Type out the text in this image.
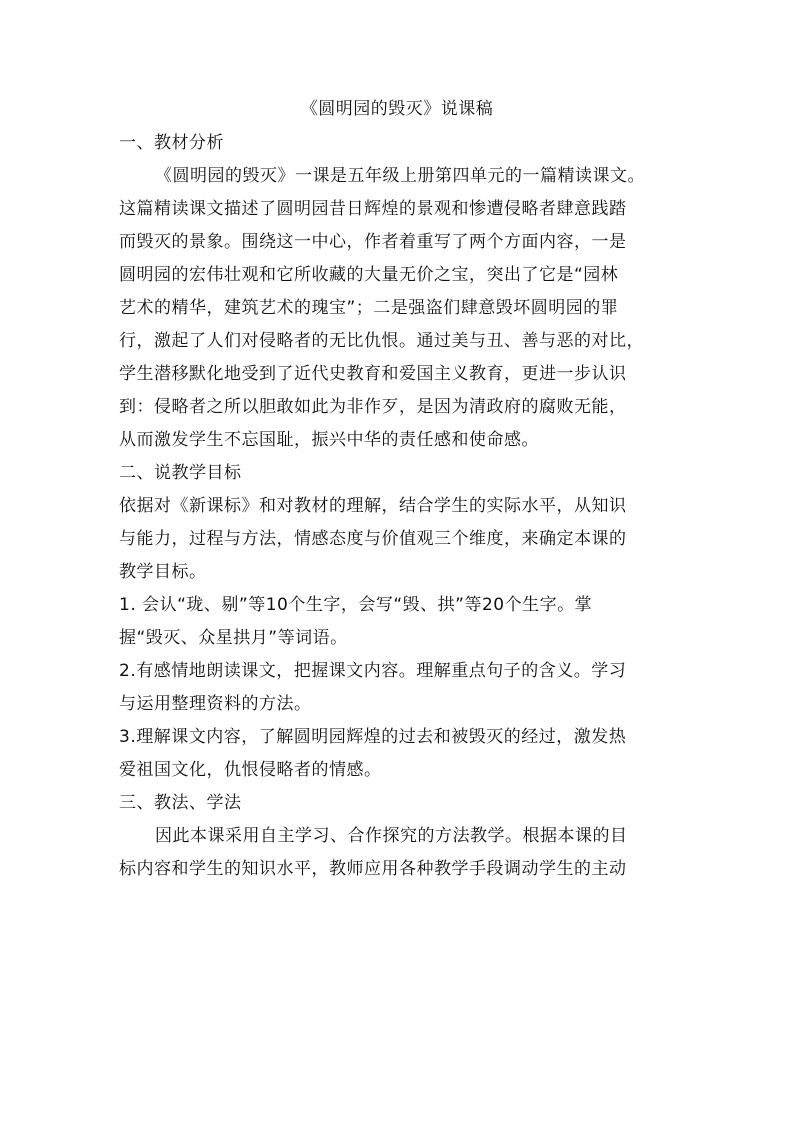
《圆明园的毁灭》说课稿
一、教材分析
《圆明园的毁灭》一课是五年级上册第四单元的一篇精读课文。
这篇精读课文描述了圆明园昔日辉煌的景观和惨遭侵略者肆意践踏
而毁灭的景象。围绕这一中心，作者着重写了两个方面内容，一是
圆明园的宏伟壮观和它所收藏的大量无价之宝，突出了它是“园林
艺术的精华，建筑艺术的瑰宝”；二是强盗们肆意毁坏圆明园的罪
行，激起了人们对侵略者的无比仇恨。通过美与丑、善与恶的对比，
学生潜移默化地受到了近代史教育和爱国主义教育，更进一步认识
到：侵略者之所以胆敢如此为非作歹，是因为清政府的腐败无能，
从而激发学生不忘国耻，振兴中华的责任感和使命感。
二、说教学目标
依据对《新课标》和对教材的理解，结合学生的实际水平，从知识
与能力，过程与方法，情感态度与价值观三个维度，来确定本课的
教学目标。
1. 会认“珑、剔”等10个生字，会写“毁、拱”等20个生字。掌
握“毁灭、众星拱月”等词语。
2.有感情地朗读课文，把握课文内容。理解重点句子的含义。学习
与运用整理资料的方法。
3.理解课文内容，了解圆明园辉煌的过去和被毁灭的经过，激发热
爱祖国文化，仇恨侵略者的情感。
三、教法、学法
因此本课采用自主学习、合作探究的方法教学。根据本课的目
标内容和学生的知识水平，教师应用各种教学手段调动学生的主动
